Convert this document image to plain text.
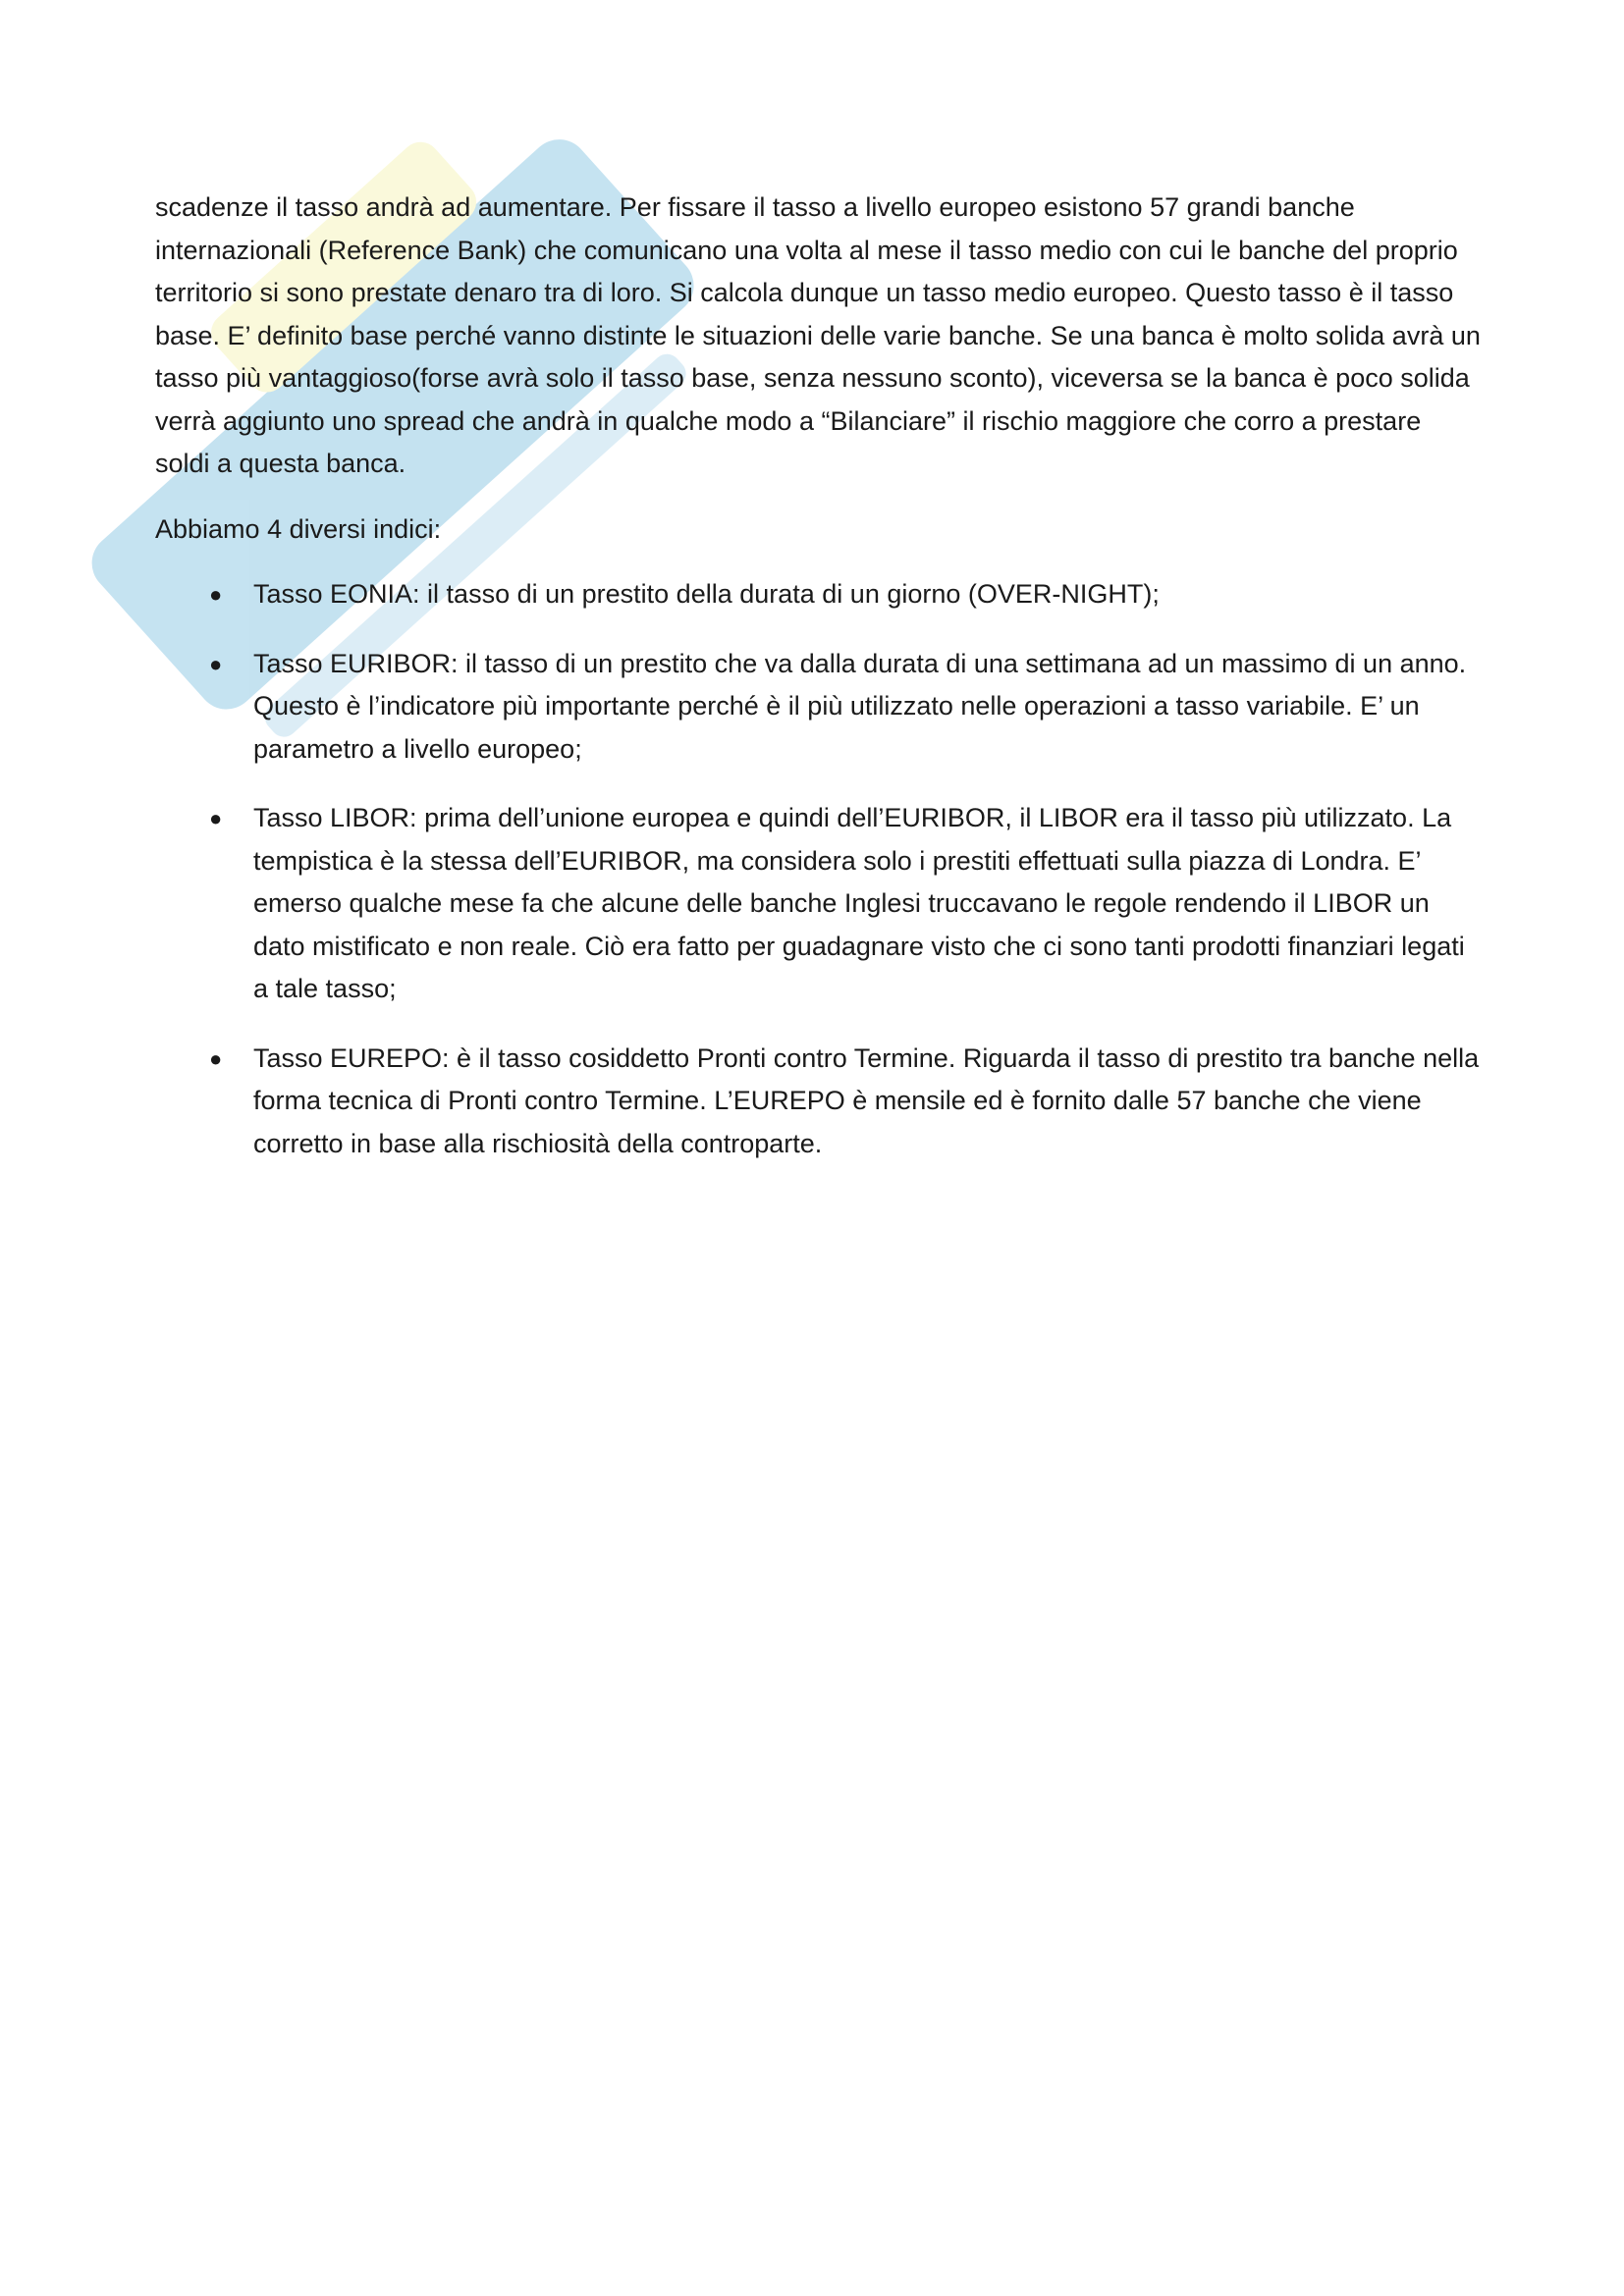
scadenze il tasso andrà ad aumentare. Per fissare il tasso a livello europeo esistono 57 grandi banche internazionali (Reference Bank) che comunicano una volta al mese il tasso medio con cui le banche del proprio territorio si sono prestate denaro tra di loro. Si calcola dunque un tasso medio europeo. Questo tasso è il tasso base. E’ definito base perché vanno distinte le situazioni delle varie banche. Se una banca è molto solida avrà un tasso più vantaggioso(forse avrà solo il tasso base, senza nessuno sconto), viceversa se la banca è poco solida verrà aggiunto uno spread che andrà in qualche modo a “Bilanciare” il rischio maggiore che corro a prestare soldi a questa banca.

Abbiamo 4 diversi indici:

● Tasso EONIA: il tasso di un prestito della durata di un giorno (OVER-NIGHT);
● Tasso EURIBOR: il tasso di un prestito che va dalla durata di una settimana ad un massimo di un anno. Questo è l’indicatore più importante perché è il più utilizzato nelle operazioni a tasso variabile. E’ un parametro a livello europeo;
● Tasso LIBOR: prima dell’unione europea e quindi dell’EURIBOR, il LIBOR era il tasso più utilizzato. La tempistica è la stessa dell’EURIBOR, ma considera solo i prestiti effettuati sulla piazza di Londra. E’ emerso qualche mese fa che alcune delle banche Inglesi truccavano le regole rendendo il LIBOR un dato mistificato e non reale. Ciò era fatto per guadagnare visto che ci sono tanti prodotti finanziari legati a tale tasso;
● Tasso EUREPO: è il tasso cosiddetto Pronti contro Termine. Riguarda il tasso di prestito tra banche nella forma tecnica di Pronti contro Termine. L’EUREPO è mensile ed è fornito dalle 57 banche che viene corretto in base alla rischiosità della controparte.
